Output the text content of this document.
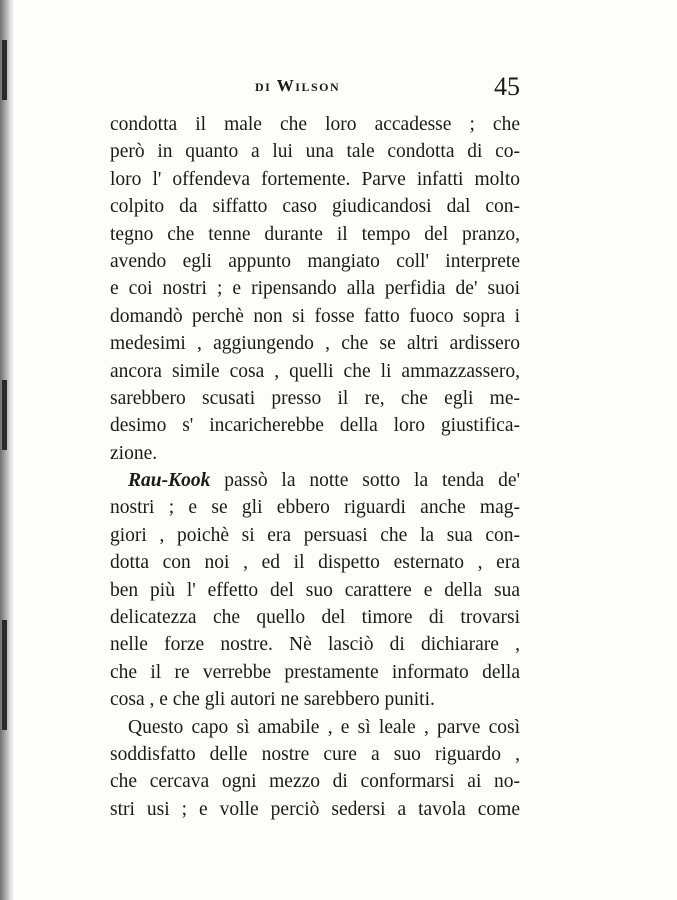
di Wilson	45
condotta il male che loro accadesse ; che
però in quanto a lui una tale condotta di co-
loro l' offendeva fortemente. Parve infatti molto
colpito da siffatto caso giudicandosi dal con-
tegno che tenne durante il tempo del pranzo,
avendo egli appunto mangiato coll' interprete
e coi nostri ; e ripensando alla perfidia de' suoi
domandò perchè non si fosse fatto fuoco sopra i
medesimi , aggiungendo , che se altri ardissero
ancora simile cosa , quelli che li ammazzassero,
sarebbero scusati presso il re, che egli me-
desimo s' incaricherebbe della loro giustifica-
zione.
Rau-Kook passò la notte sotto la tenda de'
nostri ; e se gli ebbero riguardi anche mag-
giori , poichè si era persuasi che la sua con-
dotta con noi , ed il dispetto esternato , era
ben più l' effetto del suo carattere e della sua
delicatezza che quello del timore di trovarsi
nelle forze nostre. Nè lasciò di dichiarare ,
che il re verrebbe prestamente informato della
cosa , e che gli autori ne sarebbero puniti.
Questo capo sì amabile , e sì leale , parve così
soddisfatto delle nostre cure a suo riguardo ,
che cercava ogni mezzo di conformarsi ai no-
stri usi ; e volle perciò sedersi a tavola come
